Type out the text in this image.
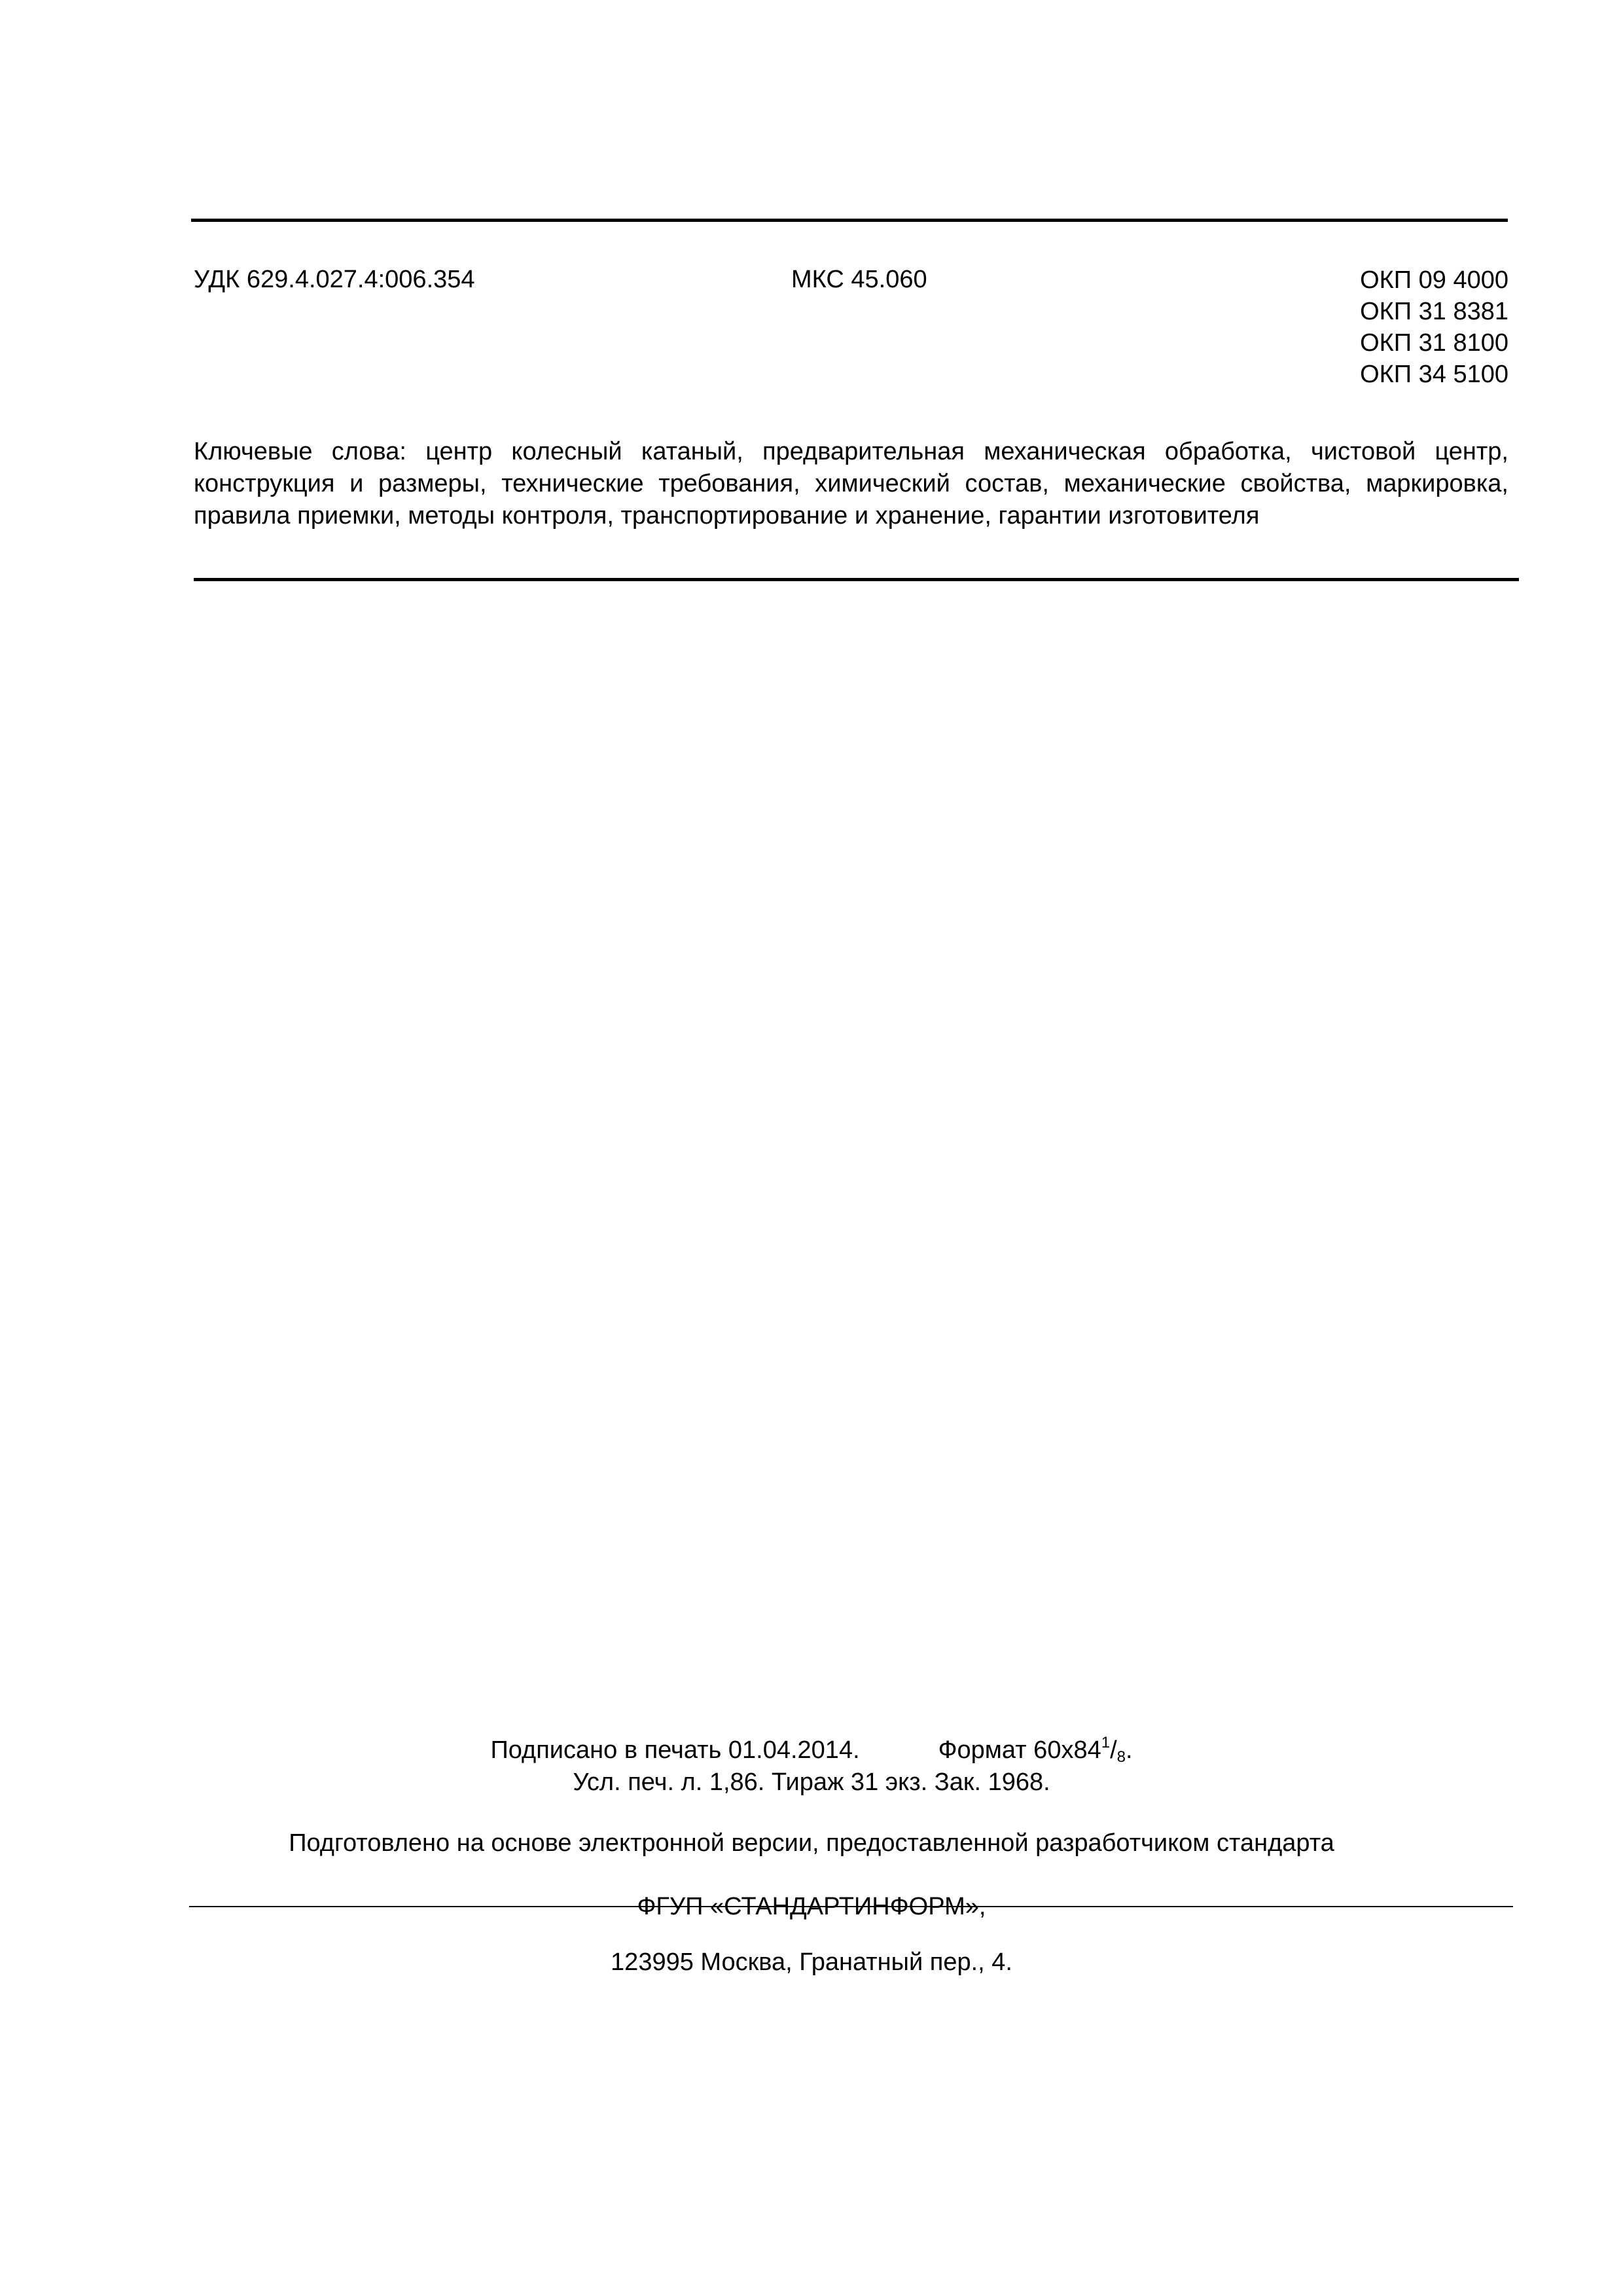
УДК 629.4.027.4:006.354	МКС 45.060	ОКП 09 4000
ОКП 31 8381
ОКП 31 8100
ОКП 34 5100
Ключевые слова: центр колесный катаный, предварительная механическая обработка, чистовой центр, конструкция и размеры, технические требования, химический состав, механические свойства, маркировка, правила приемки, методы контроля, транспортирование и хранение, гарантии изготовителя
Подписано в печать 01.04.2014.	Формат $60х84^1/_8$.
Усл. печ. л. 1,86. Тираж 31 экз. Зак. 1968.
Подготовлено на основе электронной версии, предоставленной разработчиком стандарта
ФГУП «СТАНДАРТИНФОРМ»,
123995 Москва, Гранатный пер., 4.
